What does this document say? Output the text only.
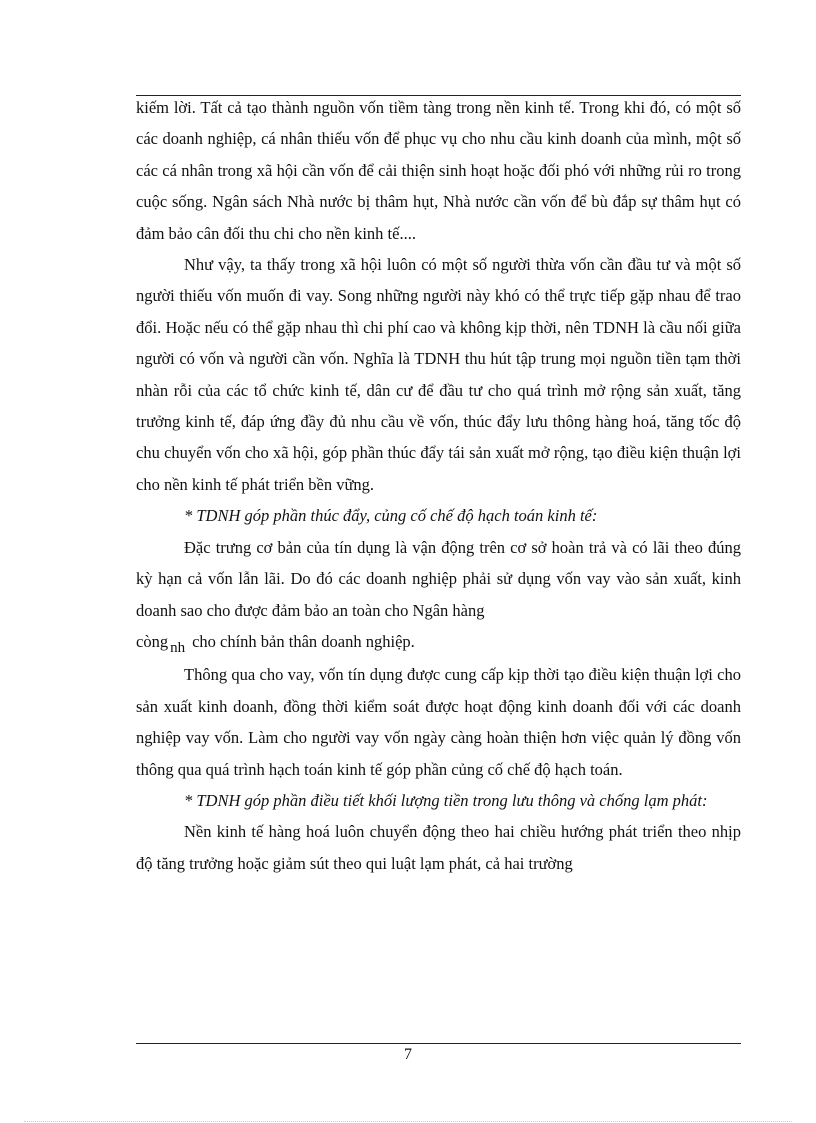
kiếm lời. Tất cả tạo thành nguồn vốn tiềm tàng trong nền kinh tế. Trong khi đó, có một số các doanh nghiệp, cá nhân thiếu vốn để phục vụ cho nhu cầu kinh doanh của mình, một số các cá nhân trong xã hội cần vốn để cải thiện sinh hoạt hoặc đối phó với những rủi ro trong cuộc sống. Ngân sách Nhà nước bị thâm hụt, Nhà nước cần vốn để bù đắp sự thâm hụt có đảm bảo cân đối thu chi cho nền kinh tế....

Như vậy, ta thấy trong xã hội luôn có một số người thừa vốn cần đầu tư và một số người thiếu vốn muốn đi vay. Song những người này khó có thể trực tiếp gặp nhau để trao đổi. Hoặc nếu có thể gặp nhau thì chi phí cao và không kịp thời, nên TDNH là cầu nối giữa người có vốn và người cần vốn. Nghĩa là TDNH thu hút tập trung mọi nguồn tiền tạm thời nhàn rỗi của các tổ chức kinh tế, dân cư để đầu tư cho quá trình mở rộng sản xuất, tăng trưởng kinh tế, đáp ứng đầy đủ nhu cầu về vốn, thúc đẩy lưu thông hàng hoá, tăng tốc độ chu chuyển vốn cho xã hội, góp phần thúc đẩy tái sản xuất mở rộng, tạo điều kiện thuận lợi cho nền kinh tế phát triển bền vững.

* TDNH góp phần thúc đẩy, củng cố chế độ hạch toán kinh tế:

Đặc trưng cơ bản của tín dụng là vận động trên cơ sở hoàn trả và có lãi theo đúng kỳ hạn cả vốn lẫn lãi. Do đó các doanh nghiệp phải sử dụng vốn vay vào sản xuất, kinh doanh sao cho được đảm bảo an toàn cho Ngân hàng

còng nh cho chính bản thân doanh nghiệp.

Thông qua cho vay, vốn tín dụng được cung cấp kịp thời tạo điều kiện thuận lợi cho sản xuất kinh doanh, đồng thời kiểm soát được hoạt động kinh doanh đối với các doanh nghiệp vay vốn. Làm cho người vay vốn ngày càng hoàn thiện hơn việc quản lý đồng vốn thông qua quá trình hạch toán kinh tế góp phần củng cố chế độ hạch toán.

* TDNH góp phần điều tiết khối lượng tiền trong lưu thông và chống lạm phát:

Nền kinh tế hàng hoá luôn chuyển động theo hai chiều hướng phát triển theo nhịp độ tăng trưởng hoặc giảm sút theo qui luật lạm phát, cả hai trường

7
